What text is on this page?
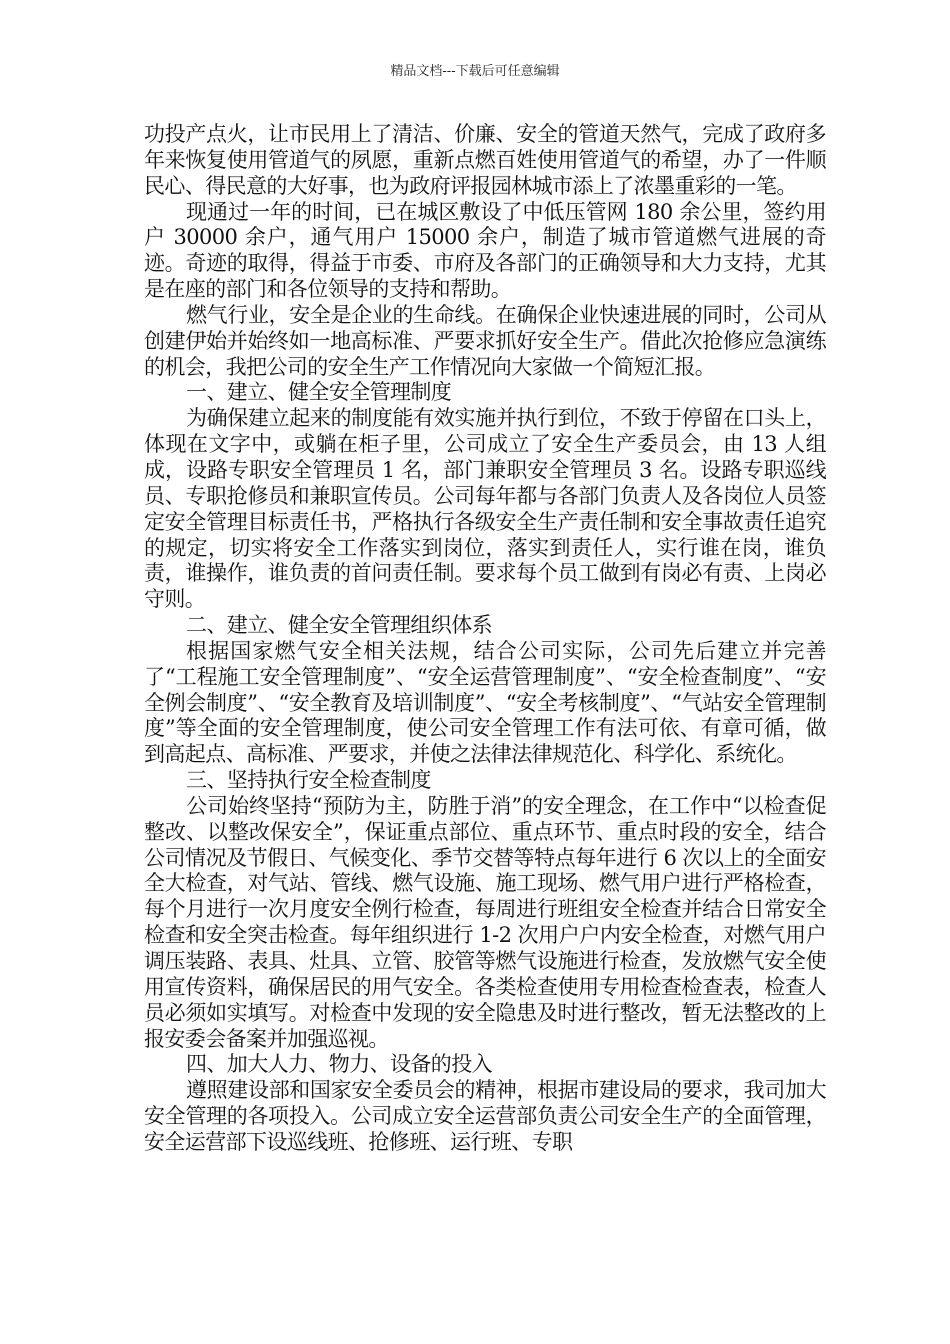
精品文档---下载后可任意编辑

功投产点火，让市民用上了清洁、价廉、安全的管道天然气，完成了政府多年来恢复使用管道气的夙愿，重新点燃百姓使用管道气的希望，办了一件顺民心、得民意的大好事，也为政府评报园林城市添上了浓墨重彩的一笔。

现通过一年的时间，已在城区敷设了中低压管网 180 余公里，签约用户 30000 余户，通气用户 15000 余户，制造了城市管道燃气进展的奇迹。奇迹的取得，得益于市委、市府及各部门的正确领导和大力支持，尤其是在座的部门和各位领导的支持和帮助。

燃气行业，安全是企业的生命线。在确保企业快速进展的同时，公司从创建伊始并始终如一地高标准、严要求抓好安全生产。借此次抢修应急演练的机会，我把公司的安全生产工作情况向大家做一个简短汇报。

一、建立、健全安全管理制度

为确保建立起来的制度能有效实施并执行到位，不致于停留在口头上，体现在文字中，或躺在柜子里，公司成立了安全生产委员会，由 13 人组成，设路专职安全管理员 1 名，部门兼职安全管理员 3 名。设路专职巡线员、专职抢修员和兼职宣传员。公司每年都与各部门负责人及各岗位人员签定安全管理目标责任书，严格执行各级安全生产责任制和安全事故责任追究的规定，切实将安全工作落实到岗位，落实到责任人，实行谁在岗，谁负责，谁操作，谁负责的首问责任制。要求每个员工做到有岗必有责、上岗必守则。

二、建立、健全安全管理组织体系

根据国家燃气安全相关法规，结合公司实际，公司先后建立并完善了“工程施工安全管理制度”、“安全运营管理制度”、“安全检查制度”、“安全例会制度”、“安全教育及培训制度”、“安全考核制度”、“气站安全管理制度”等全面的安全管理制度，使公司安全管理工作有法可依、有章可循，做到高起点、高标准、严要求，并使之法律法律规范化、科学化、系统化。

三、坚持执行安全检查制度

公司始终坚持“预防为主，防胜于消”的安全理念，在工作中“以检查促整改、以整改保安全”，保证重点部位、重点环节、重点时段的安全，结合公司情况及节假日、气候变化、季节交替等特点每年进行 6 次以上的全面安全大检查，对气站、管线、燃气设施、施工现场、燃气用户进行严格检查，每个月进行一次月度安全例行检查，每周进行班组安全检查并结合日常安全检查和安全突击检查。每年组织进行 1-2 次用户户内安全检查，对燃气用户调压装路、表具、灶具、立管、胶管等燃气设施进行检查，发放燃气安全使用宣传资料，确保居民的用气安全。各类检查使用专用检查检查表，检查人员必须如实填写。对检查中发现的安全隐患及时进行整改，暂无法整改的上报安委会备案并加强巡视。

四、加大人力、物力、设备的投入

遵照建设部和国家安全委员会的精神，根据市建设局的要求，我司加大安全管理的各项投入。公司成立安全运营部负责公司安全生产的全面管理，安全运营部下设巡线班、抢修班、运行班、专职
